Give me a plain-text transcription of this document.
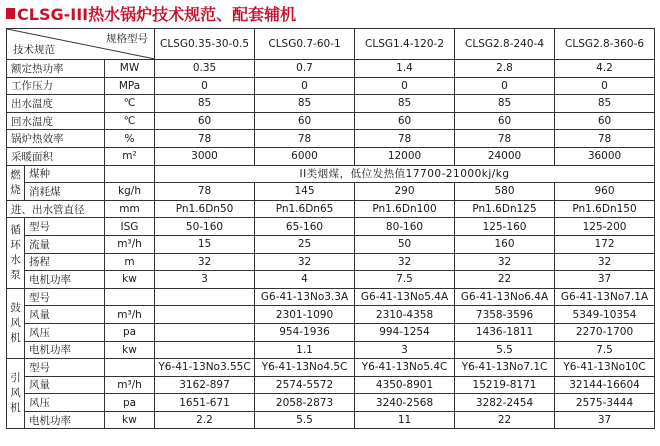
CLSG-III热水锅炉技术规范、配套辅机
规格型号
技术规范			CLSG0.35-30-0.5	CLSG0.7-60-1	CLSG1.4-120-2	CLSG2.8-240-4	CLSG2.8-360-6
额定热功率		MW	0.35	0.7	1.4	2.8	4.2
工作压力		MPa	0	0	0	0	0
出水温度		℃	85	85	85	85	85
回水温度		℃	60	60	60	60	60
锅炉热效率		%	78	78	78	78	78
采暖面积		m²	3000	6000	12000	24000	36000
燃烧	煤种		II类烟煤，低位发热值17700-21000kj/kg				
	消耗煤	kg/h	78	145	290	580	960
进、出水管直径		mm	Pn1.6Dn50	Pn1.6Dn65	Pn1.6Dn100	Pn1.6Dn125	Pn1.6Dn150
循环水泵	型号	ISG	50-160	65-160	80-160	125-160	125-200
	流量	m³/h	15	25	50	160	172
	扬程	m	32	32	32	32	32
	电机功率	kw	3	4	7.5	22	37
鼓风机	型号			G6-41-13No3.3A	G6-41-13No5.4A	G6-41-13No6.4A	G6-41-13No7.1A
	风量	m³/h		2301-1090	2310-4358	7358-3596	5349-10354
	风压	pa		954-1936	994-1254	1436-1811	2270-1700
	电机功率	kw		1.1	3	5.5	7.5
引风机	型号		Y6-41-13No3.55C	Y6-41-13No4.5C	Y6-41-13No5.4C	Y6-41-13No7.1C	Y6-41-13No10C
	风量	m³/h	3162-897	2574-5572	4350-8901	15219-8171	32144-16604
	风压	pa	1651-671	2058-2873	3240-2568	3282-2454	2575-3444
	电机功率	kw	2.2	5.5	11	22	37
